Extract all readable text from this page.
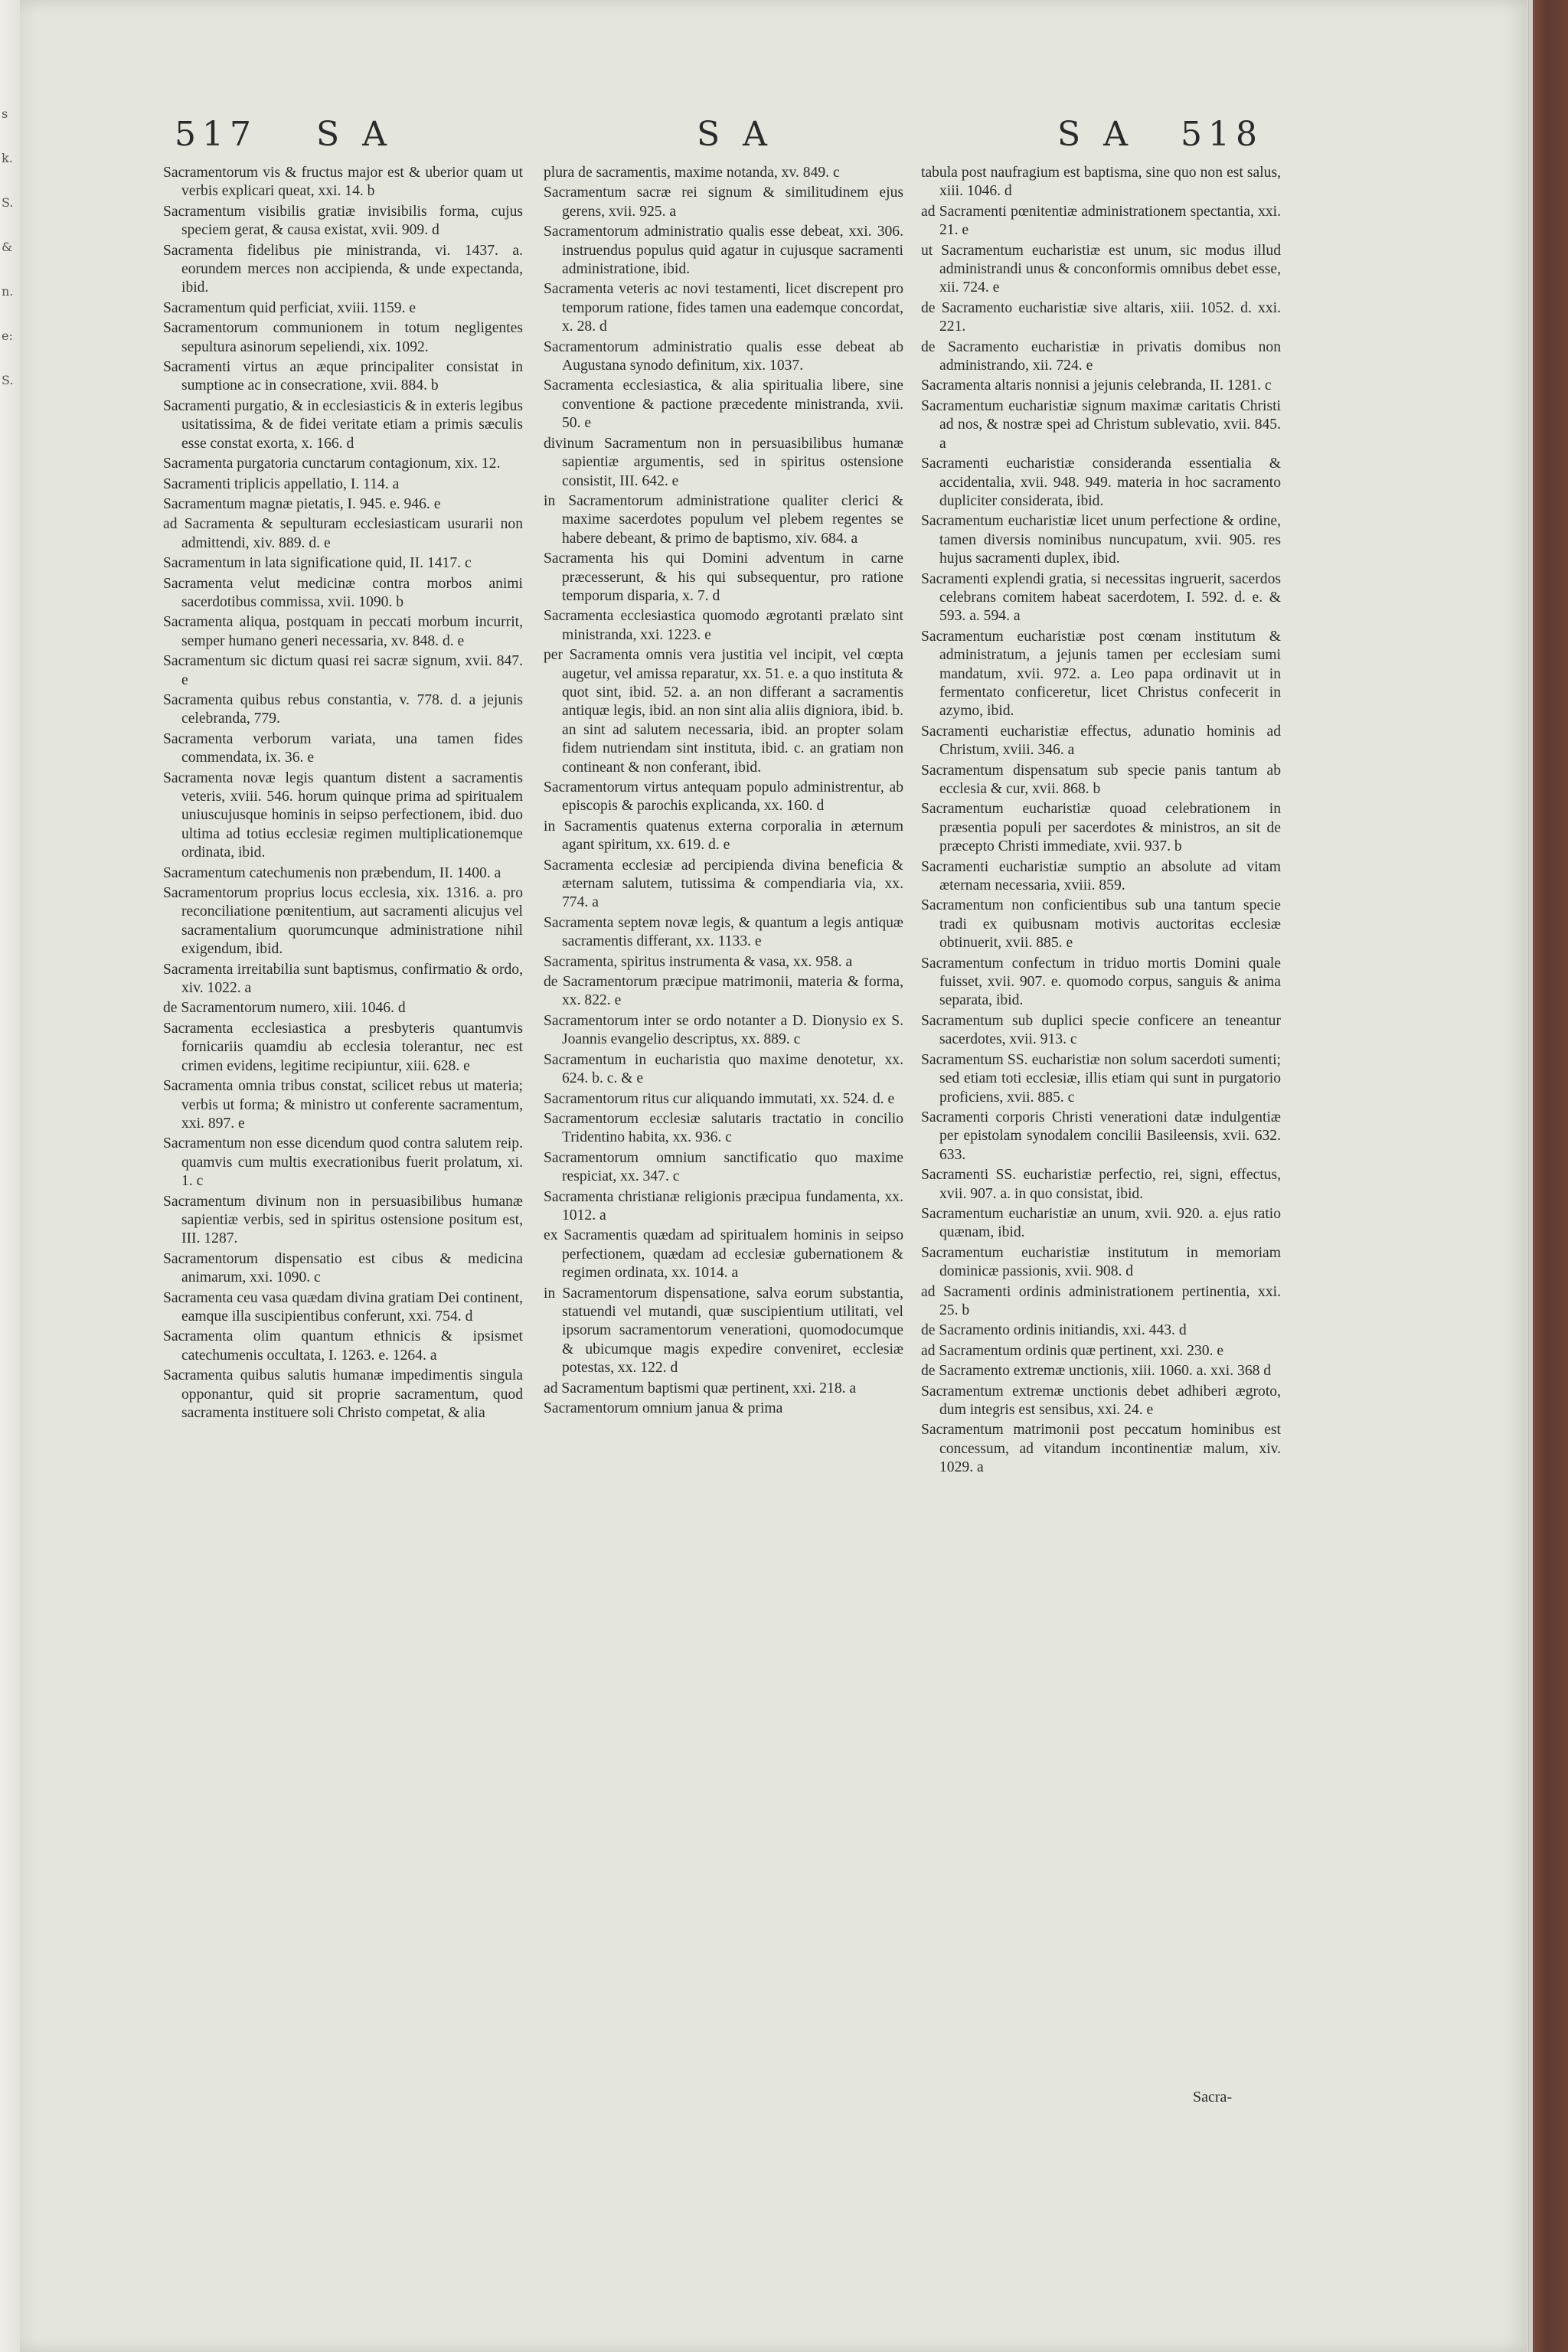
s
k.
S.
&
n.
e:
S.
517 S A	S A	S A 518

Sacramentorum vis & fructus major est & uberior quam ut verbis explicari queat, xxi. 14. b

Sacramentum visibilis gratiæ invisibilis forma, cujus speciem gerat, & causa existat, xvii. 909. d

Sacramenta fidelibus pie ministranda, vi. 1437. a. eorundem merces non accipienda, & unde expectanda, ibid.

Sacramentum quid perficiat, xviii. 1159. e

Sacramentorum communionem in totum negligentes sepultura asinorum sepeliendi, xix. 1092.

Sacramenti virtus an æque principaliter consistat in sumptione ac in consecratione, xvii. 884. b

Sacramenti purgatio, & in ecclesiasticis & in exteris legibus usitatissima, & de fidei veritate etiam a primis sæculis esse constat exorta, x. 166. d

Sacramenta purgatoria cunctarum contagionum, xix. 12.

Sacramenti triplicis appellatio, I. 114. a

Sacramentum magnæ pietatis, I. 945. e. 946. e

ad Sacramenta & sepulturam ecclesiasticam usurarii non admittendi, xiv. 889. d. e

Sacramentum in lata significatione quid, II. 1417. c

Sacramenta velut medicinæ contra morbos animi sacerdotibus commissa, xvii. 1090. b

Sacramenta aliqua, postquam in peccati morbum incurrit, semper humano generi necessaria, xv. 848. d. e

Sacramentum sic dictum quasi rei sacræ signum, xvii. 847. e

Sacramenta quibus rebus constantia, v. 778. d. a jejunis celebranda, 779.

Sacramenta verborum variata, una tamen fides commendata, ix. 36. e

Sacramenta novæ legis quantum distent a sacramentis veteris, xviii. 546. horum quinque prima ad spiritualem uniuscujusque hominis in seipso perfectionem, ibid. duo ultima ad totius ecclesiæ regimen multiplicationemque ordinata, ibid.

Sacramentum catechumenis non præbendum, II. 1400. a

Sacramentorum proprius locus ecclesia, xix. 1316. a. pro reconciliatione pœnitentium, aut sacramenti alicujus vel sacramentalium quorumcunque administratione nihil exigendum, ibid.

Sacramenta irreitabilia sunt baptismus, confirmatio & ordo, xiv. 1022. a

de Sacramentorum numero, xiii. 1046. d

Sacramenta ecclesiastica a presbyteris quantumvis fornicariis quamdiu ab ecclesia tolerantur, nec est crimen evidens, legitime recipiuntur, xiii. 628. e

Sacramenta omnia tribus constat, scilicet rebus ut materia; verbis ut forma; & ministro ut conferente sacramentum, xxi. 897. e

Sacramentum non esse dicendum quod contra salutem reip. quamvis cum multis execrationibus fuerit prolatum, xi. 1. c

Sacramentum divinum non in persuasibilibus humanæ sapientiæ verbis, sed in spiritus ostensione positum est, III. 1287.

Sacramentorum dispensatio est cibus & medicina animarum, xxi. 1090. c

Sacramenta ceu vasa quædam divina gratiam Dei continent, eamque illa suscipientibus conferunt, xxi. 754. d

Sacramenta olim quantum ethnicis & ipsismet catechumenis occultata, I. 1263. e. 1264. a

Sacramenta quibus salutis humanæ impedimentis singula opponantur, quid sit proprie sacramentum, quod sacramenta instituere soli Christo competat, & alia

plura de sacramentis, maxime notanda, xv. 849. c

Sacramentum sacræ rei signum & similitudinem ejus gerens, xvii. 925. a

Sacramentorum administratio qualis esse debeat, xxi. 306. instruendus populus quid agatur in cujusque sacramenti administratione, ibid.

Sacramenta veteris ac novi testamenti, licet discrepent pro temporum ratione, fides tamen una eademque concordat, x. 28. d

Sacramentorum administratio qualis esse debeat ab Augustana synodo definitum, xix. 1037.

Sacramenta ecclesiastica, & alia spiritualia libere, sine conventione & pactione præcedente ministranda, xvii. 50. e

divinum Sacramentum non in persuasibilibus humanæ sapientiæ argumentis, sed in spiritus ostensione consistit, III. 642. e

in Sacramentorum administratione qualiter clerici & maxime sacerdotes populum vel plebem regentes se habere debeant, & primo de baptismo, xiv. 684. a

Sacramenta his qui Domini adventum in carne præcesserunt, & his qui subsequentur, pro ratione temporum disparia, x. 7. d

Sacramenta ecclesiastica quomodo ægrotanti prælato sint ministranda, xxi. 1223. e

per Sacramenta omnis vera justitia vel incipit, vel cœpta augetur, vel amissa reparatur, xx. 51. e. a quo instituta & quot sint, ibid. 52. a. an non differant a sacramentis antiquæ legis, ibid. an non sint alia aliis digniora, ibid. b. an sint ad salutem necessaria, ibid. an propter solam fidem nutriendam sint instituta, ibid. c. an gratiam non contineant & non conferant, ibid.

Sacramentorum virtus antequam populo administrentur, ab episcopis & parochis explicanda, xx. 160. d

in Sacramentis quatenus externa corporalia in æternum agant spiritum, xx. 619. d. e

Sacramenta ecclesiæ ad percipienda divina beneficia & æternam salutem, tutissima & compendiaria via, xx. 774. a

Sacramenta septem novæ legis, & quantum a legis antiquæ sacramentis differant, xx. 1133. e

Sacramenta, spiritus instrumenta & vasa, xx. 958. a

de Sacramentorum præcipue matrimonii, materia & forma, xx. 822. e

Sacramentorum inter se ordo notanter a D. Dionysio ex S. Joannis evangelio descriptus, xx. 889. c

Sacramentum in eucharistia quo maxime denotetur, xx. 624. b. c. & e

Sacramentorum ritus cur aliquando immutati, xx. 524. d. e

Sacramentorum ecclesiæ salutaris tractatio in concilio Tridentino habita, xx. 936. c

Sacramentorum omnium sanctificatio quo maxime respiciat, xx. 347. c

Sacramenta christianæ religionis præcipua fundamenta, xx. 1012. a

ex Sacramentis quædam ad spiritualem hominis in seipso perfectionem, quædam ad ecclesiæ gubernationem & regimen ordinata, xx. 1014. a

in Sacramentorum dispensatione, salva eorum substantia, statuendi vel mutandi, quæ suscipientium utilitati, vel ipsorum sacramentorum venerationi, quomodocumque & ubicumque magis expedire conveniret, ecclesiæ potestas, xx. 122. d

ad Sacramentum baptismi quæ pertinent, xxi. 218. a

Sacramentorum omnium janua & prima

tabula post naufragium est baptisma, sine quo non est salus, xiii. 1046. d

ad Sacramenti pœnitentiæ administrationem spectantia, xxi. 21. e

ut Sacramentum eucharistiæ est unum, sic modus illud administrandi unus & conconformis omnibus debet esse, xii. 724. e

de Sacramento eucharistiæ sive altaris, xiii. 1052. d. xxi. 221.

de Sacramento eucharistiæ in privatis domibus non administrando, xii. 724. e

Sacramenta altaris nonnisi a jejunis celebranda, II. 1281. c

Sacramentum eucharistiæ signum maximæ caritatis Christi ad nos, & nostræ spei ad Christum sublevatio, xvii. 845. a

Sacramenti eucharistiæ consideranda essentialia & accidentalia, xvii. 948. 949. materia in hoc sacramento dupliciter considerata, ibid.

Sacramentum eucharistiæ licet unum perfectione & ordine, tamen diversis nominibus nuncupatum, xvii. 905. res hujus sacramenti duplex, ibid.

Sacramenti explendi gratia, si necessitas ingruerit, sacerdos celebrans comitem habeat sacerdotem, I. 592. d. e. & 593. a. 594. a

Sacramentum eucharistiæ post cœnam institutum & administratum, a jejunis tamen per ecclesiam sumi mandatum, xvii. 972. a. Leo papa ordinavit ut in fermentato conficeretur, licet Christus confecerit in azymo, ibid.

Sacramenti eucharistiæ effectus, adunatio hominis ad Christum, xviii. 346. a

Sacramentum dispensatum sub specie panis tantum ab ecclesia & cur, xvii. 868. b

Sacramentum eucharistiæ quoad celebrationem in præsentia populi per sacerdotes & ministros, an sit de præcepto Christi immediate, xvii. 937. b

Sacramenti eucharistiæ sumptio an absolute ad vitam æternam necessaria, xviii. 859.

Sacramentum non conficientibus sub una tantum specie tradi ex quibusnam motivis auctoritas ecclesiæ obtinuerit, xvii. 885. e

Sacramentum confectum in triduo mortis Domini quale fuisset, xvii. 907. e. quomodo corpus, sanguis & anima separata, ibid.

Sacramentum sub duplici specie conficere an teneantur sacerdotes, xvii. 913. c

Sacramentum SS. eucharistiæ non solum sacerdoti sumenti; sed etiam toti ecclesiæ, illis etiam qui sunt in purgatorio proficiens, xvii. 885. c

Sacramenti corporis Christi venerationi datæ indulgentiæ per epistolam synodalem concilii Basileensis, xvii. 632. 633.

Sacramenti SS. eucharistiæ perfectio, rei, signi, effectus, xvii. 907. a. in quo consistat, ibid.

Sacramentum eucharistiæ an unum, xvii. 920. a. ejus ratio quænam, ibid.

Sacramentum eucharistiæ institutum in memoriam dominicæ passionis, xvii. 908. d

ad Sacramenti ordinis administrationem pertinentia, xxi. 25. b

de Sacramento ordinis initiandis, xxi. 443. d

ad Sacramentum ordinis quæ pertinent, xxi. 230. e

de Sacramento extremæ unctionis, xiii. 1060. a. xxi. 368 d

Sacramentum extremæ unctionis debet adhiberi ægroto, dum integris est sensibus, xxi. 24. e

Sacramentum matrimonii post peccatum hominibus est concessum, ad vitandum incontinentiæ malum, xiv. 1029. a

Sacra-
